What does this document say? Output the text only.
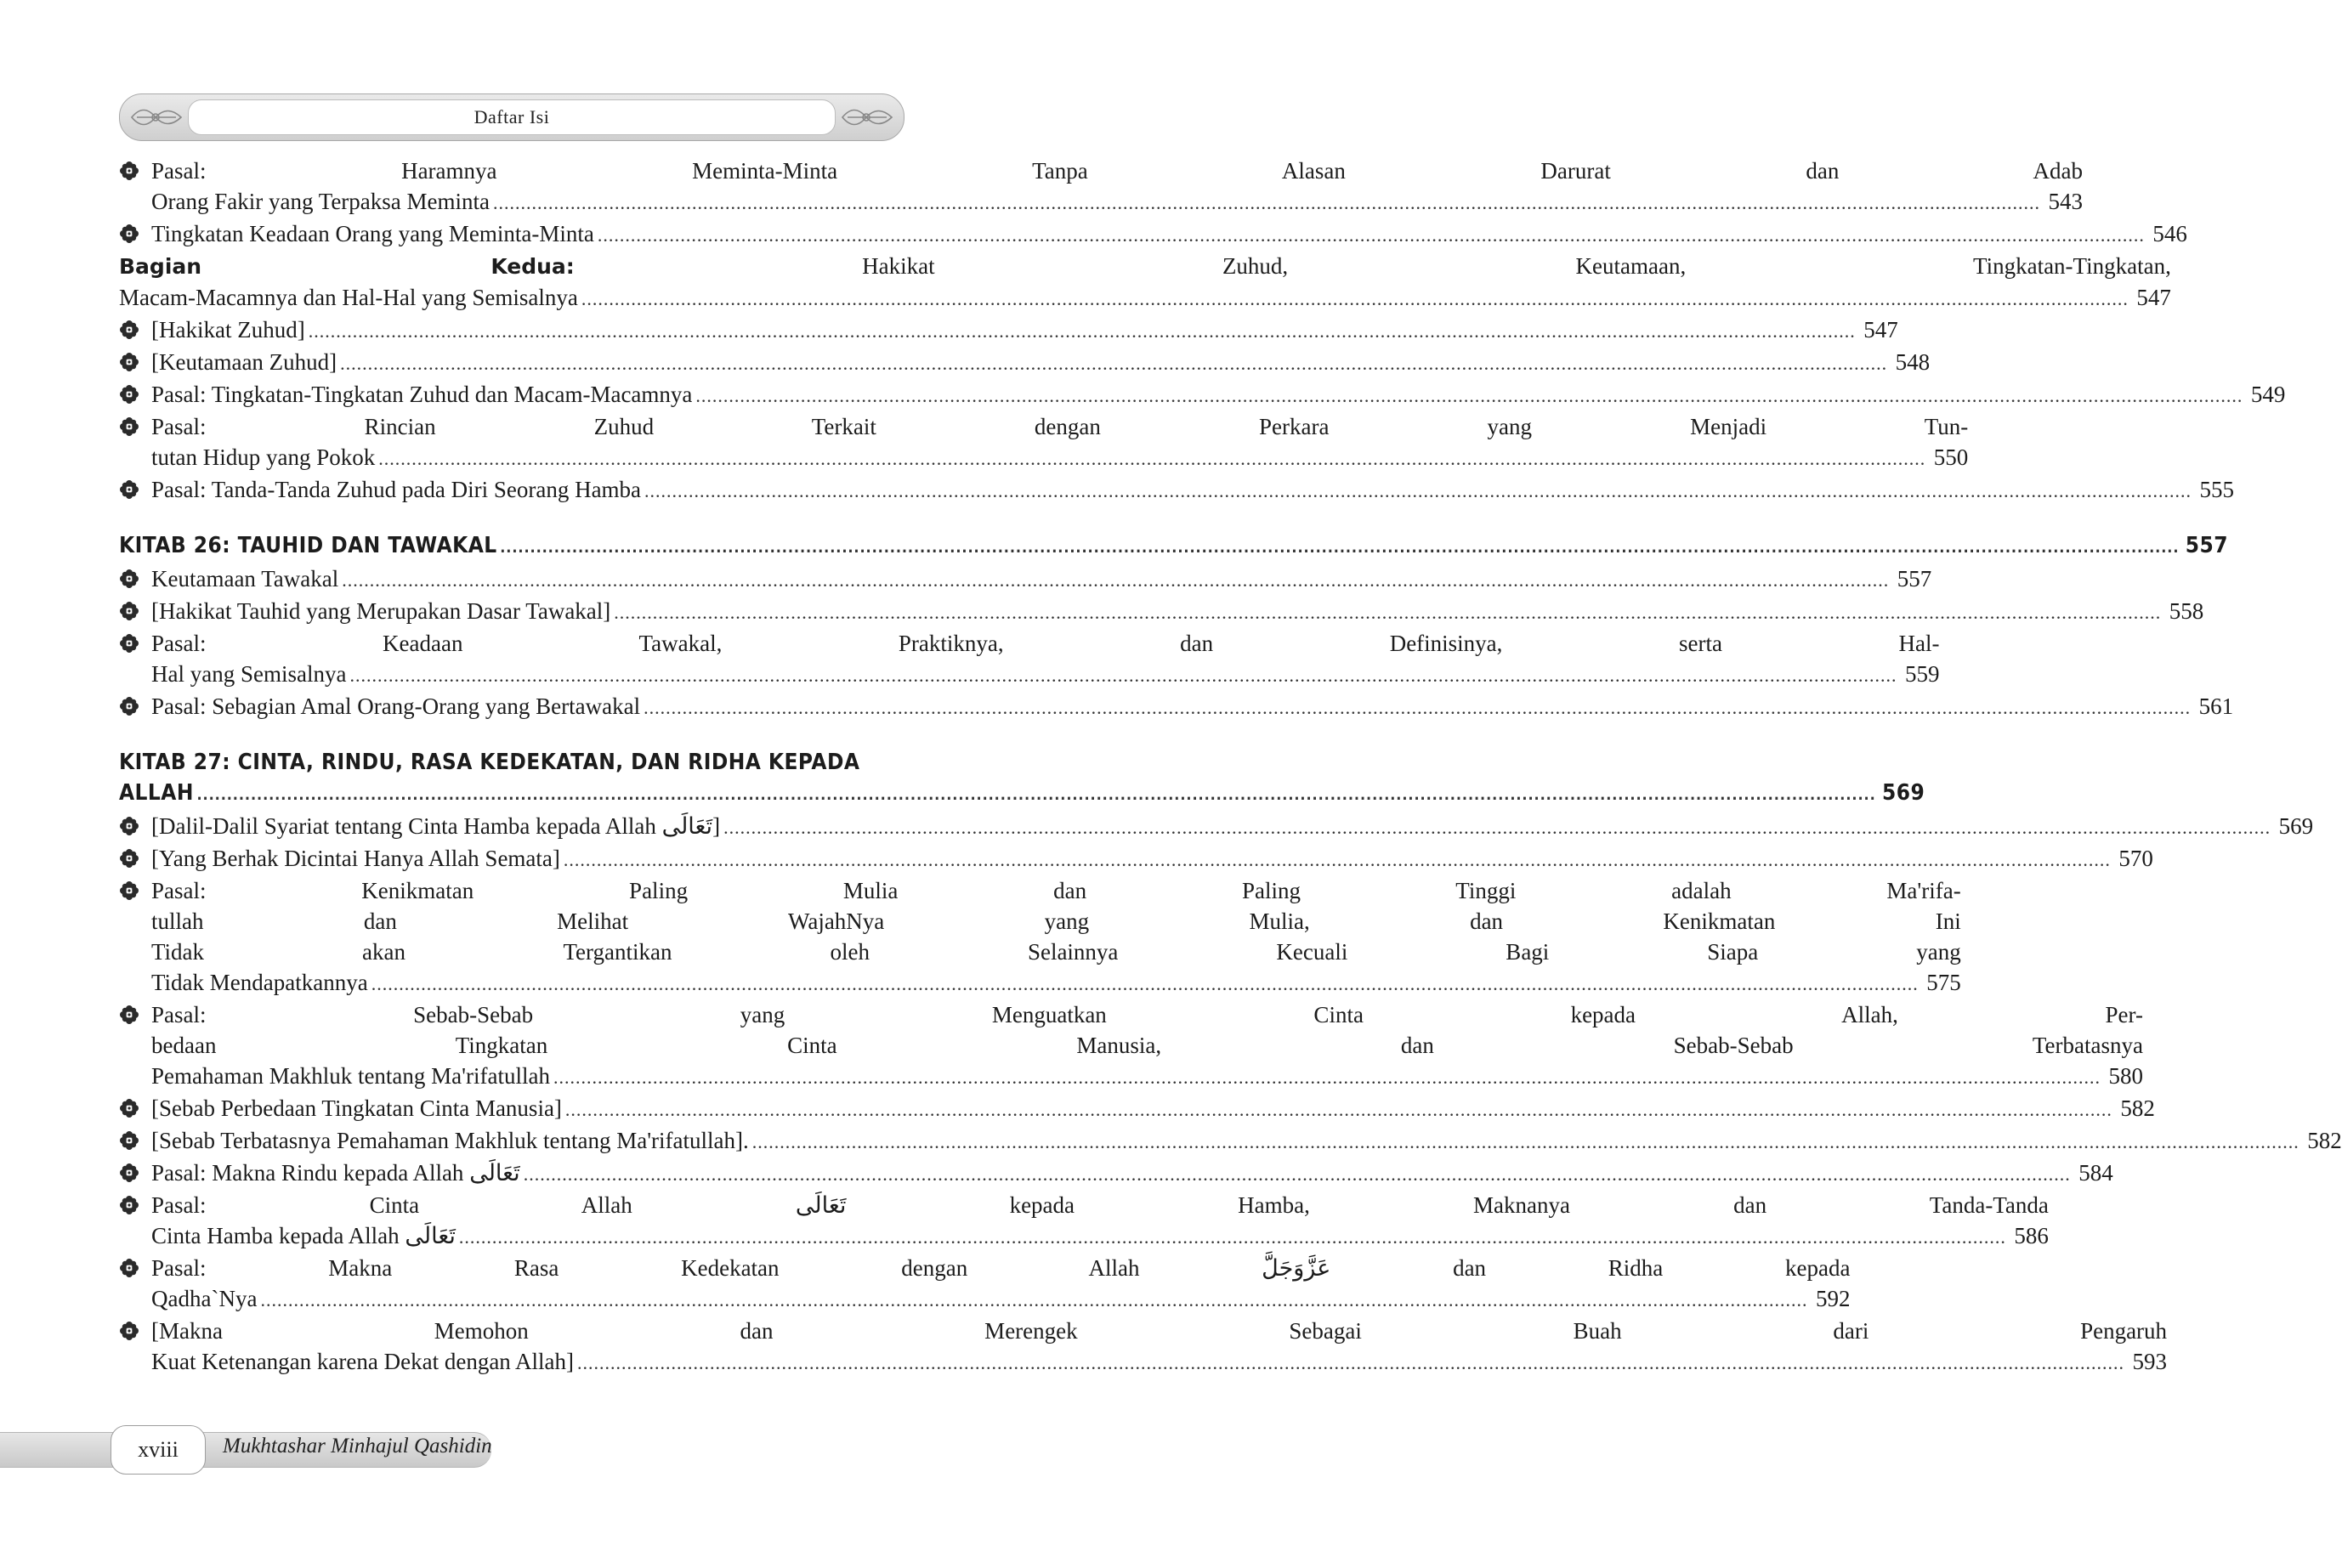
Daftar Isi
Pasal: Haramnya Meminta-Minta Tanpa Alasan Darurat dan Adab
Orang Fakir yang Terpaksa Meminta .....	543
Tingkatan Keadaan Orang yang Meminta-Minta .....	546
Bagian Kedua:	Hakikat Zuhud, Keutamaan, Tingkatan-Tingkatan,
Macam-Macamnya dan Hal-Hal yang Semisalnya .....	547
[Hakikat Zuhud] .....	547
[Keutamaan Zuhud] .....	548
Pasal: Tingkatan-Tingkatan Zuhud dan Macam-Macamnya .....	549
Pasal: Rincian Zuhud Terkait dengan Perkara yang Menjadi Tun-
tutan Hidup yang Pokok .....	550
Pasal: Tanda-Tanda Zuhud pada Diri Seorang Hamba .....	555
KITAB 26: TAUHID DAN TAWAKAL .....	557
Keutamaan Tawakal .....	557
[Hakikat Tauhid yang Merupakan Dasar Tawakal] .....	558
Pasal: Keadaan Tawakal, Praktiknya, dan Definisinya, serta Hal-
Hal yang Semisalnya .....	559
Pasal: Sebagian Amal Orang-Orang yang Bertawakal .....	561
KITAB 27: CINTA, RINDU, RASA KEDEKATAN, DAN RIDHA KEPADA
ALLAH .....	569
[Dalil-Dalil Syariat tentang Cinta Hamba kepada Allah تَعَالَى] .....	569
[Yang Berhak Dicintai Hanya Allah Semata] .....	570
Pasal: Kenikmatan Paling Mulia dan Paling Tinggi adalah Ma'rifa-
tullah dan Melihat WajahNya yang Mulia, dan Kenikmatan Ini
Tidak akan Tergantikan oleh Selainnya Kecuali Bagi Siapa yang
Tidak Mendapatkannya .....	575
Pasal: Sebab-Sebab yang Menguatkan Cinta kepada Allah, Per-
bedaan Tingkatan Cinta Manusia, dan Sebab-Sebab Terbatasnya
Pemahaman Makhluk tentang Ma'rifatullah .....	580
[Sebab Perbedaan Tingkatan Cinta Manusia] .....	582
[Sebab Terbatasnya Pemahaman Makhluk tentang Ma'rifatullah]. .....	582
Pasal: Makna Rindu kepada Allah تَعَالَى .....	584
Pasal: Cinta Allah تَعَالَى kepada Hamba, Maknanya dan Tanda-Tanda
Cinta Hamba kepada Allah تَعَالَى .....	586
Pasal: Makna Rasa Kedekatan dengan Allah عَزَّوَجَلَّ dan Ridha kepada
Qadha`Nya .....	592
[Makna Memohon dan Merengek Sebagai Buah dari Pengaruh
Kuat Ketenangan karena Dekat dengan Allah] .....	593
xviii Mukhtashar Minhajul Qashidin
